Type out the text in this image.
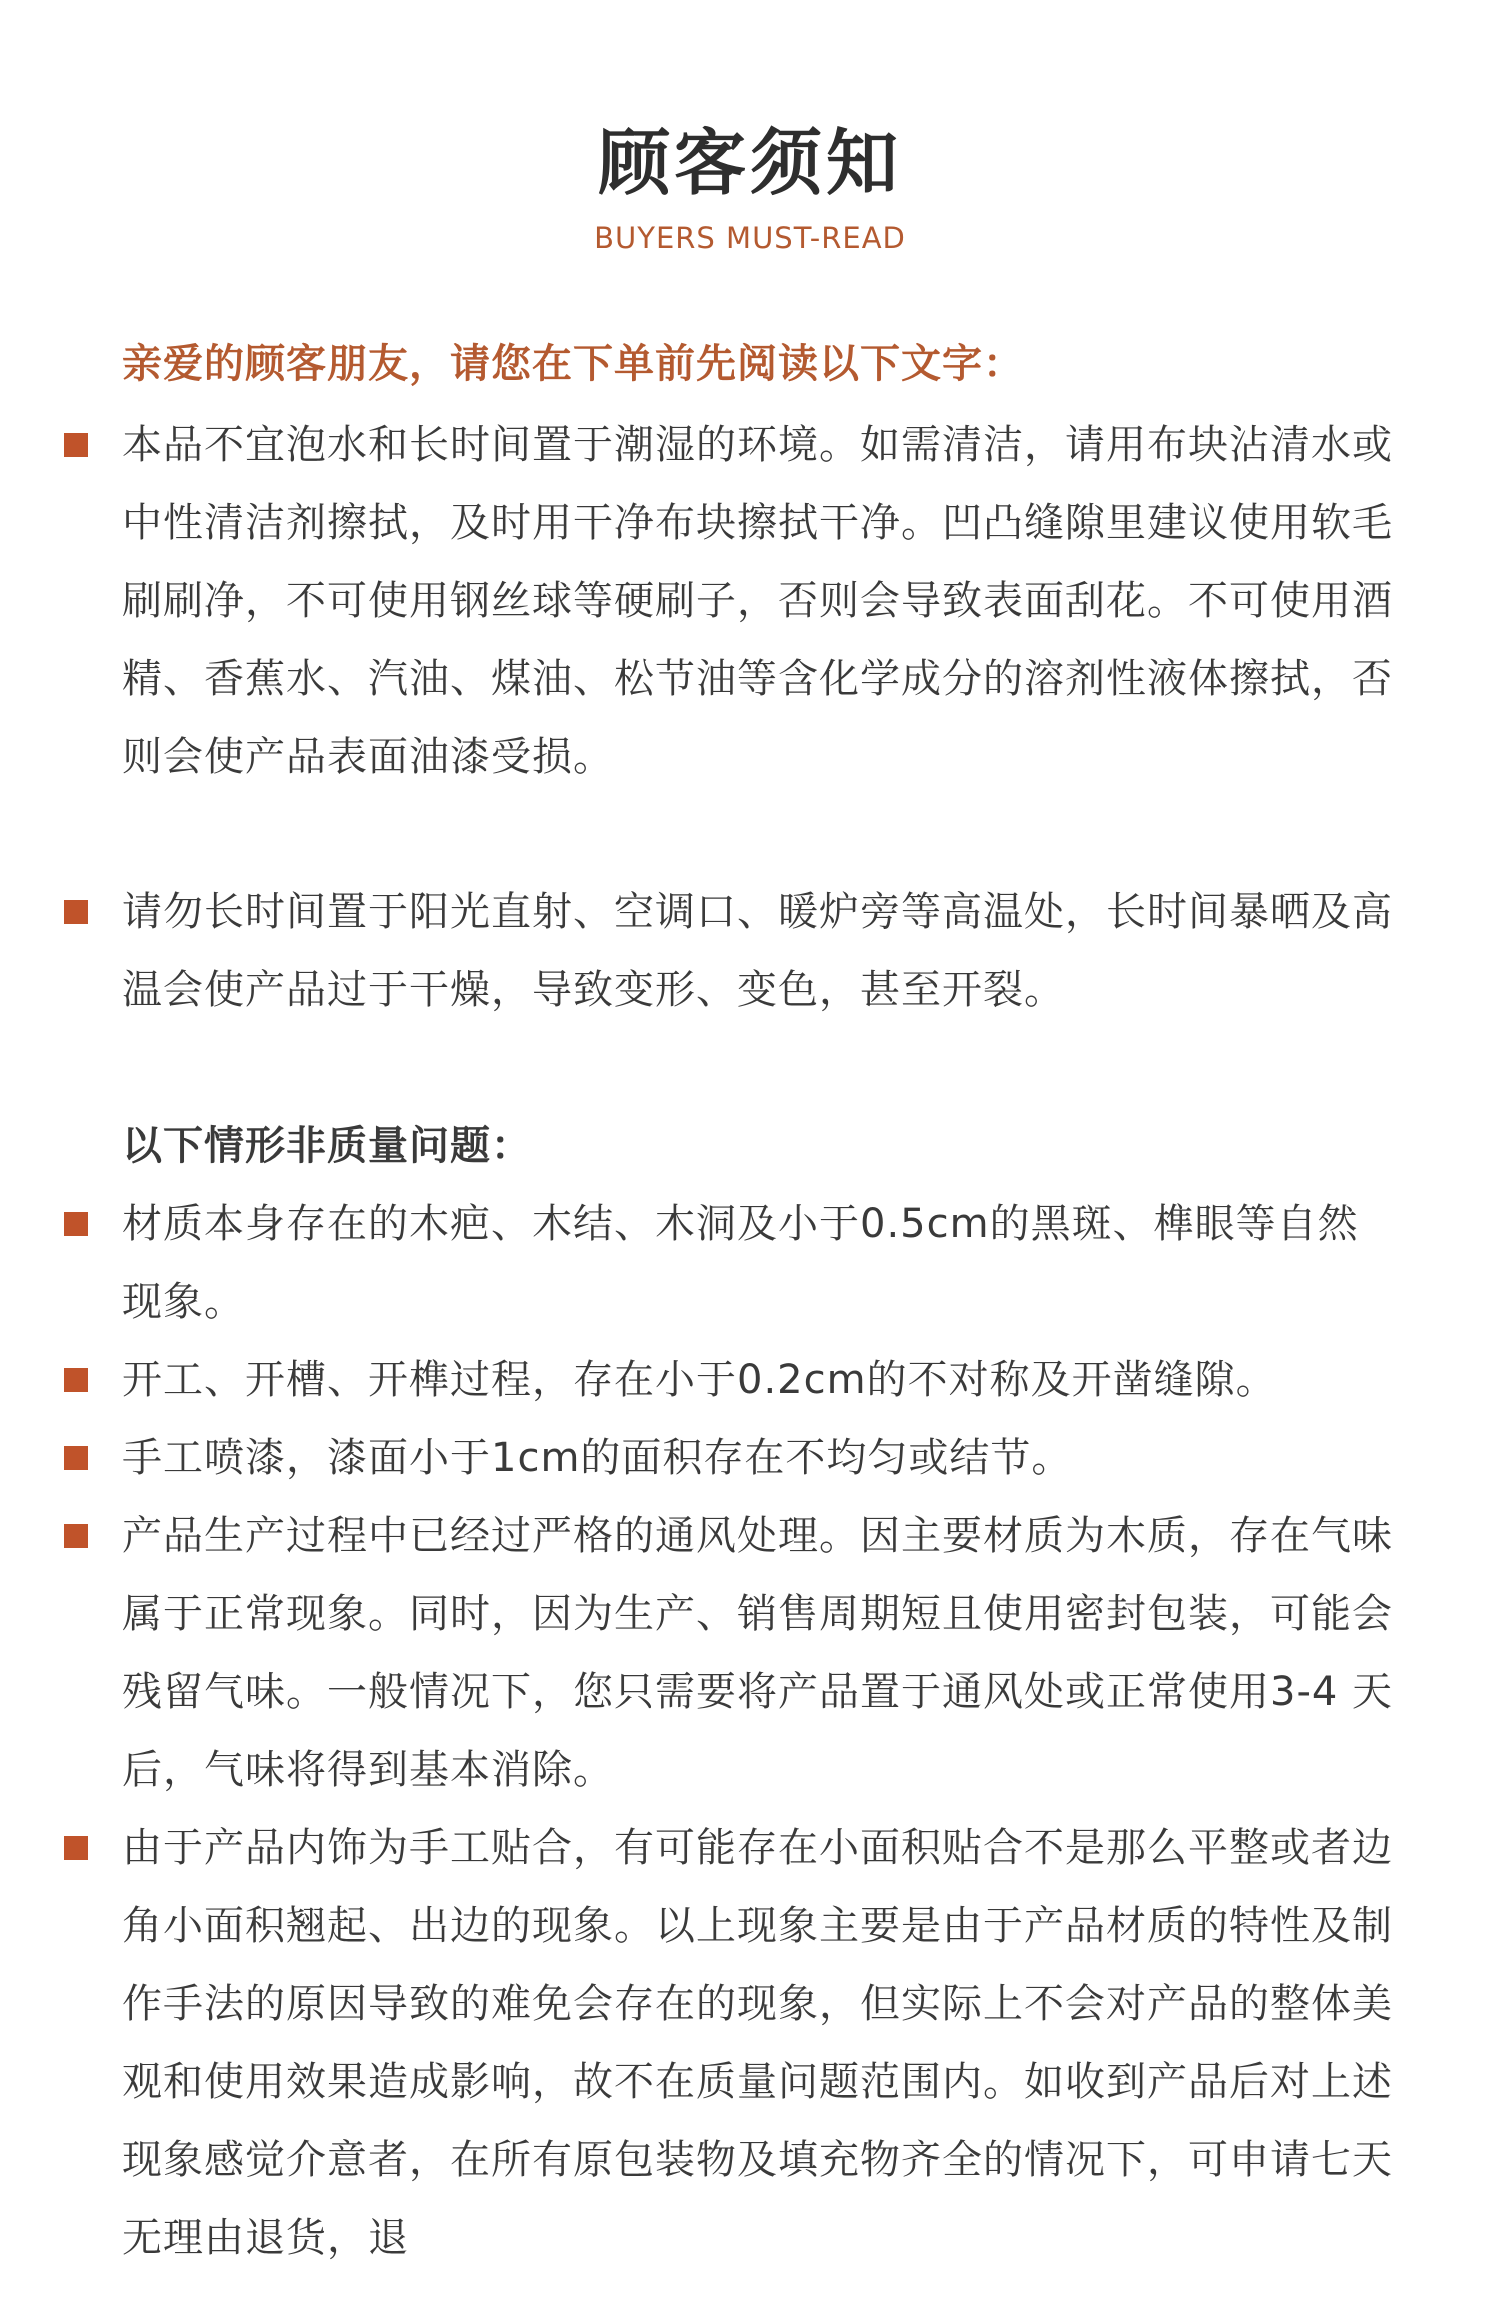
顾客须知
BUYERS MUST-READ
亲爱的顾客朋友，请您在下单前先阅读以下文字：
本品不宜泡水和长时间置于潮湿的环境。如需清洁，请用布块沾清水或中性清洁剂擦拭，及时用干净布块擦拭干净。凹凸缝隙里建议使用软毛刷刷净，不可使用钢丝球等硬刷子，否则会导致表面刮花。不可使用酒精、香蕉水、汽油、煤油、松节油等含化学成分的溶剂性液体擦拭，否则会使产品表面油漆受损。
请勿长时间置于阳光直射、空调口、暖炉旁等高温处，长时间暴晒及高温会使产品过于干燥，导致变形、变色，甚至开裂。
以下情形非质量问题：
材质本身存在的木疤、木结、木洞及小于0.5cm的黑斑、榫眼等自然现象。
开工、开槽、开榫过程，存在小于0.2cm的不对称及开凿缝隙。
手工喷漆，漆面小于1cm的面积存在不均匀或结节。
产品生产过程中已经过严格的通风处理。因主要材质为木质，存在气味属于正常现象。同时，因为生产、销售周期短且使用密封包装，可能会残留气味。一般情况下，您只需要将产品置于通风处或正常使用3-4 天后，气味将得到基本消除。
由于产品内饰为手工贴合，有可能存在小面积贴合不是那么平整或者边角小面积翘起、出边的现象。以上现象主要是由于产品材质的特性及制作手法的原因导致的难免会存在的现象，但实际上不会对产品的整体美观和使用效果造成影响，故不在质量问题范围内。如收到产品后对上述现象感觉介意者，在所有原包装物及填充物齐全的情况下，可申请七天无理由退货，退
